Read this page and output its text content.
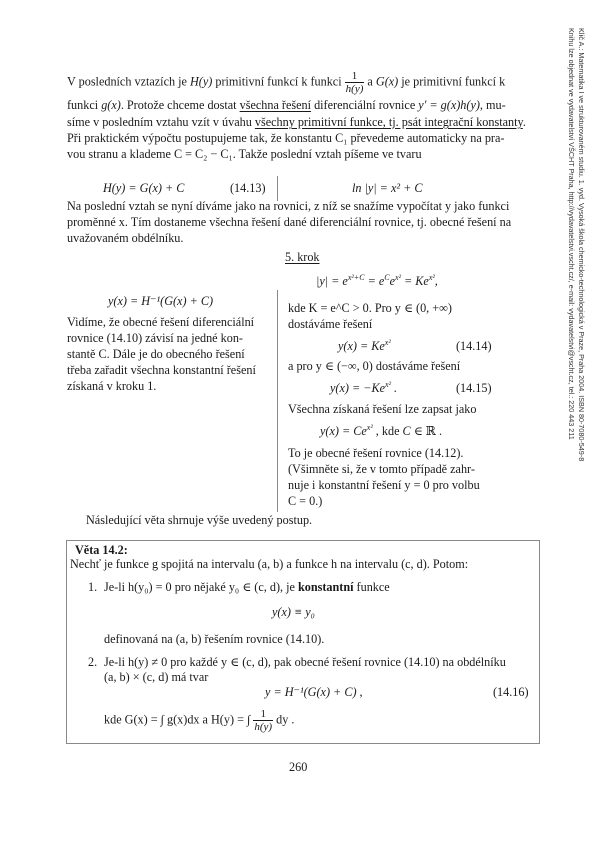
Klíč A.: Matematika I ve strukturovaném studiu. 1. vyd. Vysoká škola chemicko-technologická v Praze, Praha 2004. ISBN 80-7080-549-8
Knihu lze objednat ve vydavatelství VŠCHT Praha, http://vydavatelstvi.vscht.cz/, e-mail: vydavatelstvi@vscht.cz, tel.: 220 443 211
V posledních vztazích je H(y) primitivní funkcí k funkci $\frac{1}{h(y)}$ a G(x) je primitivní funkcí k
funkci g(x). Protože chceme dostat všechna řešení diferenciální rovnice y′ = g(x)h(y), mu-
síme v posledním vztahu vzít v úvahu všechny primitivní funkce, tj. psát integrační konstanty.
Při praktickém výpočtu postupujeme tak, že konstantu C₁ převedeme automaticky na pra-
vou stranu a klademe C = C₂ − C₁. Takže poslední vztah píšeme ve tvaru
H(y) = G(x) + C	(14.13)	ln |y| = x² + C
Na poslední vztah se nyní díváme jako na rovnici, z níž se snažíme vypočítat y jako funkci
proměnné x. Tím dostaneme všechna řešení dané diferenciální rovnice, tj. obecné řešení na
uvažovaném obdélníku.
5. krok
$|y| = e^{x^2+C} = e^Ce^{x^2} = Ke^{x^2}$,
y(x) = H⁻¹(G(x) + C)
Vidíme, že obecné řešení diferenciální
rovnice (14.10) závisí na jedné kon-
stantě C. Dále je do obecného řešení
třeba zařadit všechna konstantní řešení
získaná v kroku 1.
kde K = e^C > 0. Pro y ∈ (0, +∞)
dostáváme řešení
$y(x) = Ke^{x^2}$	(14.14)
a pro y ∈ (−∞, 0) dostáváme řešení
$y(x) = -Ke^{x^2}$ .	(14.15)
Všechna získaná řešení lze zapsat jako
$y(x) = Ce^{x^2}$ , kde C ∈ ℝ .
To je obecné řešení rovnice (14.12).
(Všimněte si, že v tomto případě zahr-
nuje i konstantní řešení y = 0 pro volbu
C = 0.)
Následující věta shrnuje výše uvedený postup.
Věta 14.2:
Nechť je funkce g spojitá na intervalu (a, b) a funkce h na intervalu (c, d). Potom:
1. Je-li h(y₀) = 0 pro nějaké y₀ ∈ (c, d), je konstantní funkce
y(x) ≡ y₀
definovaná na (a, b) řešením rovnice (14.10).
2. Je-li h(y) ≠ 0 pro každé y ∈ (c, d), pak obecné řešení rovnice (14.10) na obdélníku
(a, b) × (c, d) má tvar
y = H⁻¹(G(x) + C) ,	(14.16)
kde G(x) = ∫ g(x)dx a H(y) = ∫ $\frac{1}{h(y)}$ dy .
260
